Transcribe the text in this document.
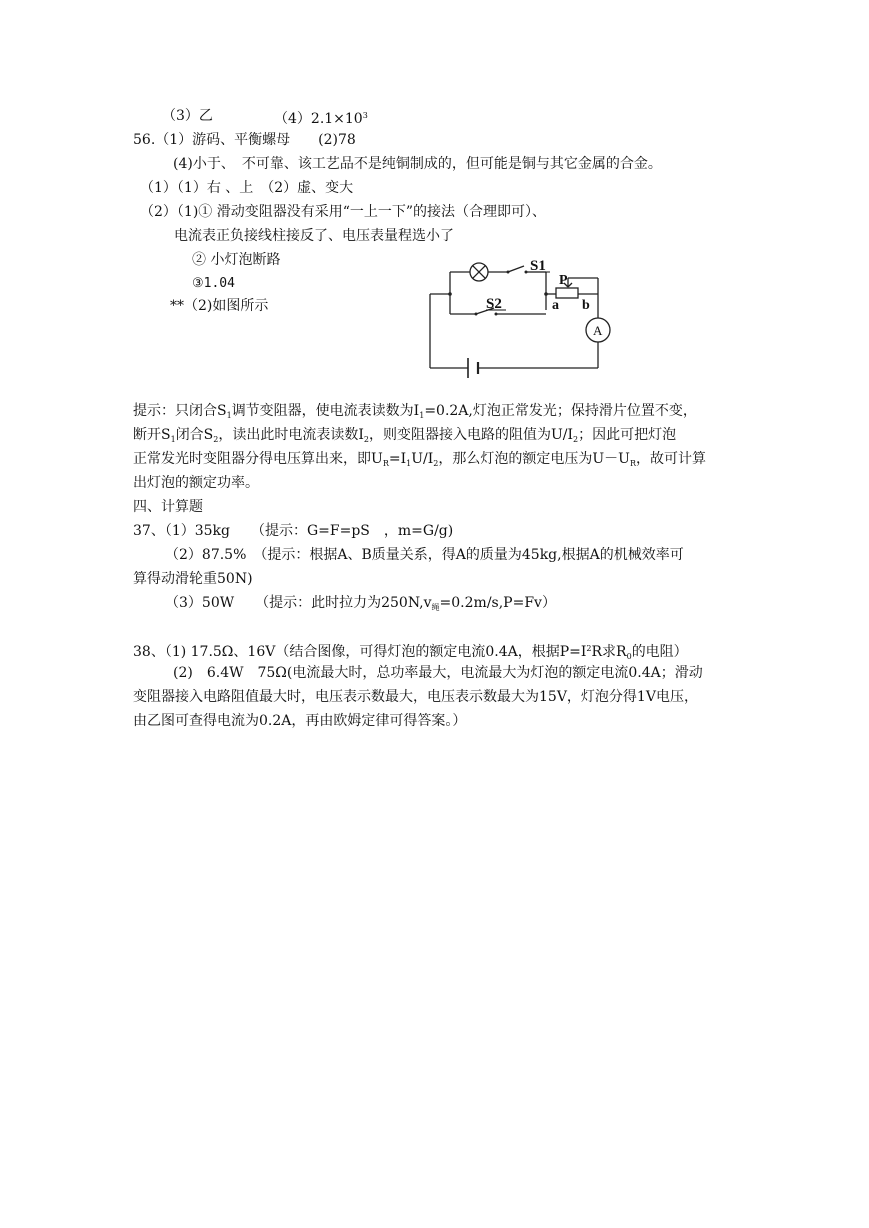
（3）乙	$(4)2.1\times 10^3$
56.（1）游码、平衡螺母　　(2)78
(4)小于、　不可靠、该工艺品不是纯铜制成的，但可能是铜与其它金属的合金。
（1）（1）右 、上　（2）虚、变大
（2）（1)① 滑动变阻器没有采用“一上一下”的接法（合理即可）、
电流表正负接线柱接反了、电压表量程选小了
② 小灯泡断路
③1.04
**（2)如图所示
S1
S2
P
a b
A
提示：只闭合$S_1$调节变阻器，使电流表读数为$I_1=0.2A$,灯泡正常发光；保持滑片位置不变，
断开$S_1$闭合$S_2$，读出此时电流表读数$I_2$，则变阻器接入电路的阻值为$U/I_2$；因此可把灯泡
正常发光时变阻器分得电压算出来，即$U_R=I_1U/I_2$，那么灯泡的额定电压为$U-U_R$，故可计算
出灯泡的额定功率。
四、计算题
37、（1）35kg　　（提示：G=F=pS　，m=G/g)
（2）87.5%　（提示：根据A、B质量关系，得A的质量为45kg,根据A的机械效率可
算得动滑轮重50N)
（3）50W　　（提示：此时拉力为$250N,v_绳=0.2m/s,P=Fv$）
38、（1) 17.5Ω、16V（结合图像，可得灯泡的额定电流0.4A，根据$P=I^2R$求$R_0$的电阻）
(2)　6.4W　75Ω(电流最大时，总功率最大，电流最大为灯泡的额定电流0.4A；滑动
变阻器接入电路阻值最大时，电压表示数最大，电压表示数最大为15V，灯泡分得1V电压，
由乙图可查得电流为0.2A，再由欧姆定律可得答案。）
